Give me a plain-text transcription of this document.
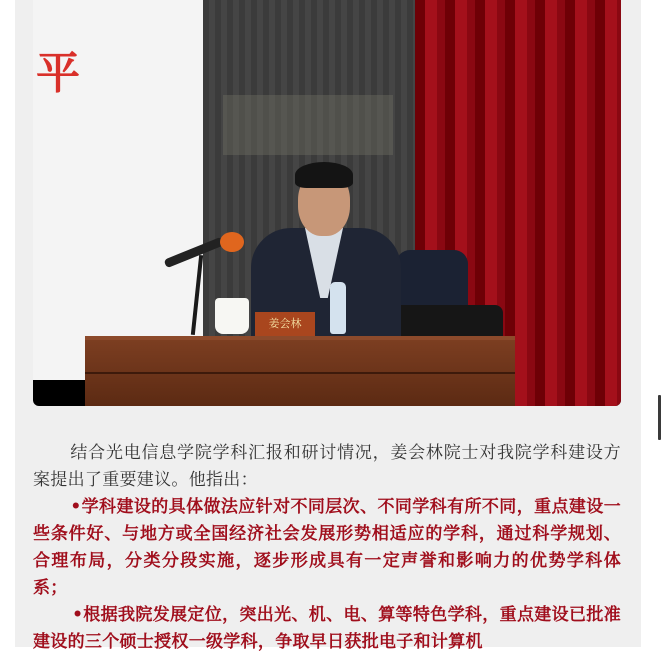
平
姜会林

结合光电信息学院学科汇报和研讨情况，姜会林院士对我院学科建设方案提出了重要建议。他指出：

•学科建设的具体做法应针对不同层次、不同学科有所不同，重点建设一些条件好、与地方或全国经济社会发展形势相适应的学科，通过科学规划、合理布局，分类分段实施，逐步形成具有一定声誉和影响力的优势学科体系；

•根据我院发展定位，突出光、机、电、算等特色学科，重点建设已批准建设的三个硕士授权一级学科，争取早日获批电子和计算机
